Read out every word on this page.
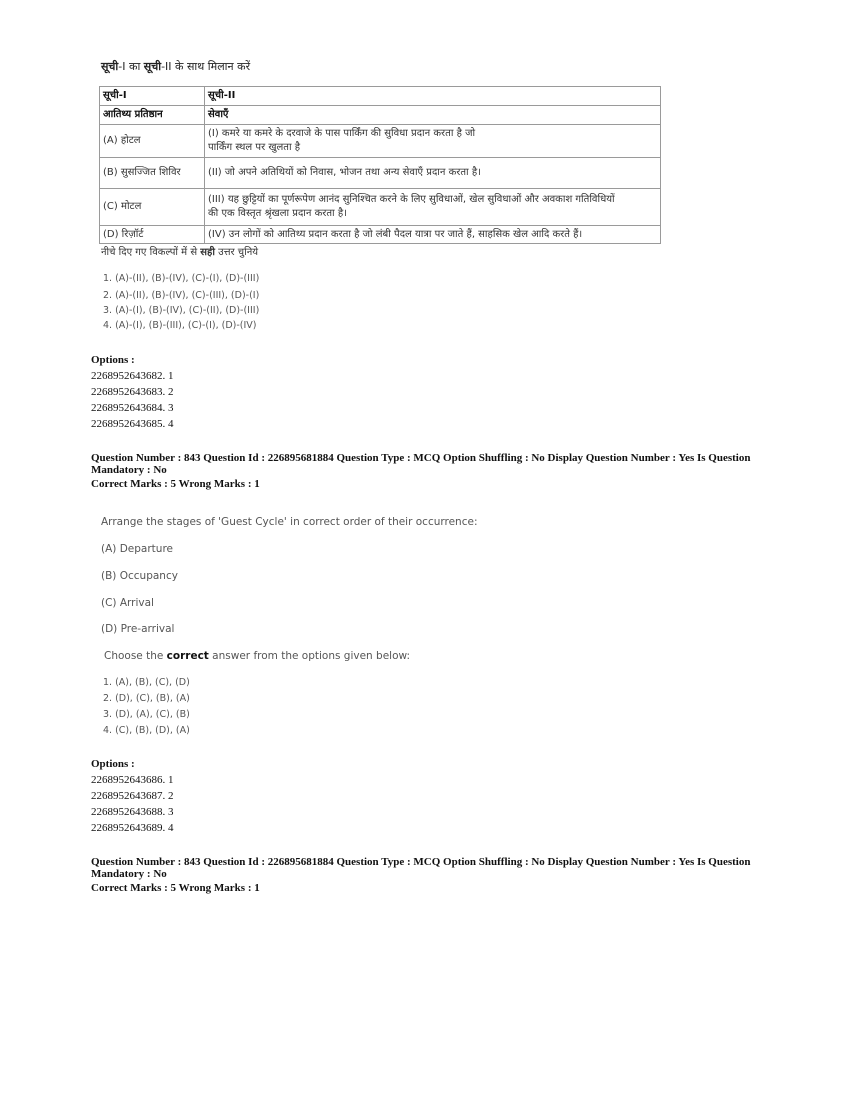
सूची-I का सूची-II के साथ मिलान करें
सूची-I	सूची-II
आतिथ्य प्रतिष्ठान	सेवाएँ
(A) होटल	(I) कमरे या कमरे के दरवाजे के पास पार्किंग की सुविधा प्रदान करता है जो
पार्किंग स्थल पर खुलता है

(B) सुसज्जित शिविर	(II) जो अपने अतिथियों को निवास, भोजन तथा अन्य सेवाएँ प्रदान करता है।
(C) मोटल	(III) यह छुट्टियों का पूर्णरूपेण आनंद सुनिश्चित करने के लिए सुविधाओं, खेल सुविधाओं और अवकाश गतिविधियों
की एक विस्तृत श्रृंखला प्रदान करता है।

(D) रिज़ॉर्ट	(IV) उन लोगों को आतिथ्य प्रदान करता है जो लंबी पैदल यात्रा पर जाते हैं, साहसिक खेल आदि करते हैं।
नीचे दिए गए विकल्पों में से सही उत्तर चुनिये
1. (A)-(II), (B)-(IV), (C)-(I), (D)-(III)
2. (A)-(II), (B)-(IV), (C)-(III), (D)-(I)
3. (A)-(I), (B)-(IV), (C)-(II), (D)-(III)
4. (A)-(I), (B)-(III), (C)-(I), (D)-(IV)
Options :
2268952643682. 1
2268952643683. 2
2268952643684. 3
2268952643685. 4
Question Number : 843 Question Id : 226895681884 Question Type : MCQ Option Shuffling : No Display Question Number : Yes Is Question Mandatory : No
Correct Marks : 5 Wrong Marks : 1
Arrange the stages of 'Guest Cycle' in correct order of their occurrence:
(A) Departure
(B) Occupancy
(C) Arrival
(D) Pre-arrival
Choose the correct answer from the options given below:
1. (A), (B), (C), (D)
2. (D), (C), (B), (A)
3. (D), (A), (C), (B)
4. (C), (B), (D), (A)
Options :
2268952643686. 1
2268952643687. 2
2268952643688. 3
2268952643689. 4
Question Number : 843 Question Id : 226895681884 Question Type : MCQ Option Shuffling : No Display Question Number : Yes Is Question Mandatory : No
Correct Marks : 5 Wrong Marks : 1
